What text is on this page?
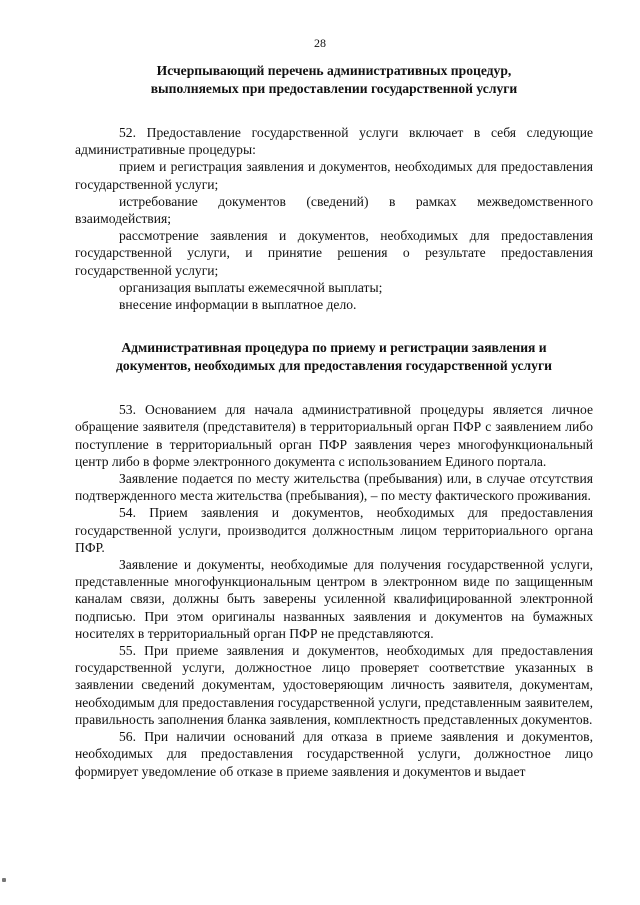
28
Исчерпывающий перечень административных процедур,
выполняемых при предоставлении государственной услуги

52. Предоставление государственной услуги включает в себя следующие административные процедуры:

прием и регистрация заявления и документов, необходимых для предоставления государственной услуги;

истребование документов (сведений) в рамках межведомственного взаимодействия;

рассмотрение заявления и документов, необходимых для предоставления государственной услуги, и принятие решения о результате предоставления государственной услуги;

организация выплаты ежемесячной выплаты;

внесение информации в выплатное дело.

Административная процедура по приему и регистрации заявления и
документов, необходимых для предоставления государственной услуги

53. Основанием для начала административной процедуры является личное обращение заявителя (представителя) в территориальный орган ПФР с заявлением либо поступление в территориальный орган ПФР заявления через многофункциональный центр либо в форме электронного документа с использованием Единого портала.

Заявление подается по месту жительства (пребывания) или, в случае отсутствия подтвержденного места жительства (пребывания), – по месту фактического проживания.

54. Прием заявления и документов, необходимых для предоставления государственной услуги, производится должностным лицом территориального органа ПФР.

Заявление и документы, необходимые для получения государственной услуги, представленные многофункциональным центром в электронном виде по защищенным каналам связи, должны быть заверены усиленной квалифицированной электронной подписью. При этом оригиналы названных заявления и документов на бумажных носителях в территориальный орган ПФР не представляются.

55. При приеме заявления и документов, необходимых для предоставления государственной услуги, должностное лицо проверяет соответствие указанных в заявлении сведений документам, удостоверяющим личность заявителя, документам, необходимым для предоставления государственной услуги, представленным заявителем, правильность заполнения бланка заявления, комплектность представленных документов.

56. При наличии оснований для отказа в приеме заявления и документов, необходимых для предоставления государственной услуги, должностное лицо формирует уведомление об отказе в приеме заявления и документов и выдает
